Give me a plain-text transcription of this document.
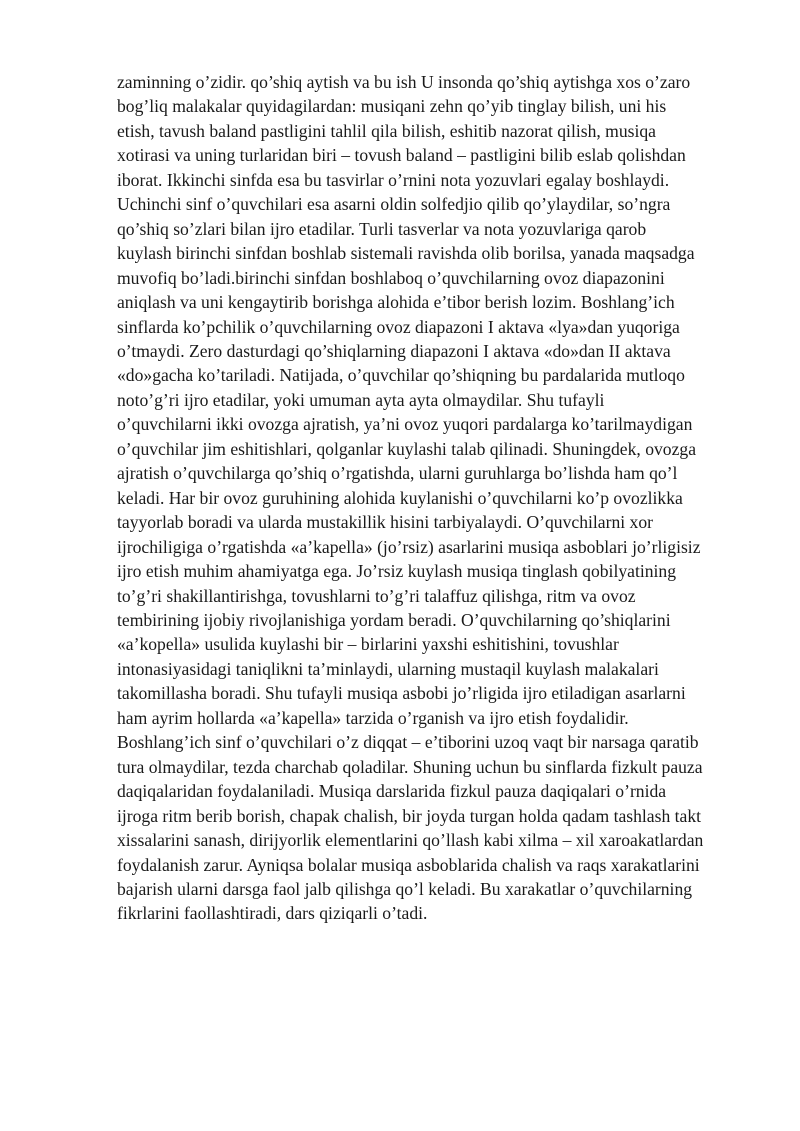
zaminning o’zidir. qo’shiq aytish va bu ish U insonda qo’shiq aytishga xos o’zaro
bog’liq malakalar quyidagilardan: musiqani zehn qo’yib tinglay bilish, uni his
etish, tavush baland pastligini tahlil qila bilish, eshitib nazorat qilish, musiqa
xotirasi va uning turlaridan biri – tovush baland – pastligini bilib eslab qolishdan
iborat. Ikkinchi sinfda esa bu tasvirlar o’rnini nota yozuvlari egalay boshlaydi.
Uchinchi sinf o’quvchilari esa asarni oldin solfedjio qilib qo’ylaydilar, so’ngra
qo’shiq so’zlari bilan ijro etadilar. Turli tasverlar va nota yozuvlariga qarob
kuylash birinchi sinfdan boshlab sistemali ravishda olib borilsa, yanada maqsadga
muvofiq bo’ladi.birinchi sinfdan boshlaboq o’quvchilarning ovoz diapazonini
aniqlash va uni kengaytirib borishga alohida e’tibor berish lozim. Boshlang’ich
sinflarda ko’pchilik o’quvchilarning ovoz diapazoni I aktava «lya»dan yuqoriga
o’tmaydi. Zero dasturdagi qo’shiqlarning diapazoni I aktava «do»dan II aktava
«do»gacha ko’tariladi. Natijada, o’quvchilar qo’shiqning bu pardalarida mutloqo
noto’g’ri ijro etadilar, yoki umuman ayta ayta olmaydilar. Shu tufayli
o’quvchilarni ikki ovozga ajratish, ya’ni ovoz yuqori pardalarga ko’tarilmaydigan
o’quvchilar jim eshitishlari, qolganlar kuylashi talab qilinadi. Shuningdek, ovozga
ajratish o’quvchilarga qo’shiq o’rgatishda, ularni guruhlarga bo’lishda ham qo’l
keladi. Har bir ovoz guruhining alohida kuylanishi o’quvchilarni ko’p ovozlikka
tayyorlab boradi va ularda mustakillik hisini tarbiyalaydi. O’quvchilarni xor
ijrochiligiga o’rgatishda «a’kapella» (jo’rsiz) asarlarini musiqa asboblari jo’rligisiz
ijro etish muhim ahamiyatga ega. Jo’rsiz kuylash musiqa tinglash qobilyatining
to’g’ri shakillantirishga, tovushlarni to’g’ri talaffuz qilishga, ritm va ovoz
tembirining ijobiy rivojlanishiga yordam beradi. O’quvchilarning qo’shiqlarini
«a’kopella» usulida kuylashi bir – birlarini yaxshi eshitishini, tovushlar
intonasiyasidagi taniqlikni ta’minlaydi, ularning mustaqil kuylash malakalari
takomillasha boradi. Shu tufayli musiqa asbobi jo’rligida ijro etiladigan asarlarni
ham ayrim hollarda «a’kapella» tarzida o’rganish va ijro etish foydalidir.
Boshlang’ich sinf o’quvchilari o’z diqqat – e’tiborini uzoq vaqt bir narsaga qaratib
tura olmaydilar, tezda charchab qoladilar. Shuning uchun bu sinflarda fizkult pauza
daqiqalaridan foydalaniladi. Musiqa darslarida fizkul pauza daqiqalari o’rnida
ijroga ritm berib borish, chapak chalish, bir joyda turgan holda qadam tashlash takt
xissalarini sanash, dirijyorlik elementlarini qo’llash kabi xilma – xil xaroakatlardan
foydalanish zarur. Ayniqsa bolalar musiqa asboblarida chalish va raqs xarakatlarini
bajarish ularni darsga faol jalb qilishga qo’l keladi. Bu xarakatlar o’quvchilarning
fikrlarini faollashtiradi, dars qiziqarli o’tadi.
